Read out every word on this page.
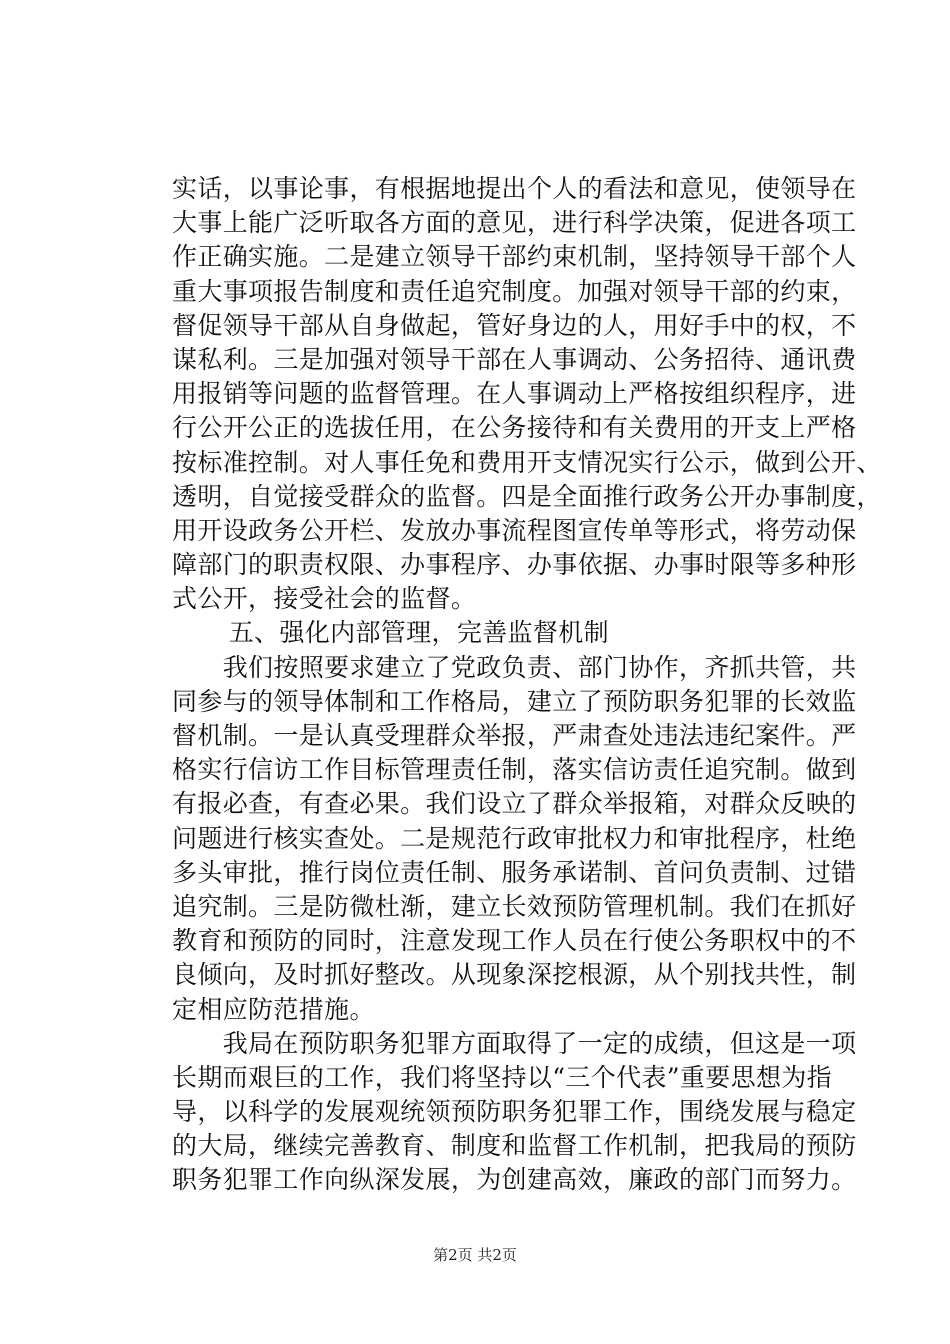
实话，以事论事，有根据地提出个人的看法和意见，使领导在
大事上能广泛听取各方面的意见，进行科学决策，促进各项工
作正确实施。二是建立领导干部约束机制，坚持领导干部个人
重大事项报告制度和责任追究制度。加强对领导干部的约束，
督促领导干部从自身做起，管好身边的人，用好手中的权，不
谋私利。三是加强对领导干部在人事调动、公务招待、通讯费
用报销等问题的监督管理。在人事调动上严格按组织程序，进
行公开公正的选拔任用，在公务接待和有关费用的开支上严格
按标准控制。对人事任免和费用开支情况实行公示，做到公开、
透明，自觉接受群众的监督。四是全面推行政务公开办事制度，
用开设政务公开栏、发放办事流程图宣传单等形式，将劳动保
障部门的职责权限、办事程序、办事依据、办事时限等多种形
式公开，接受社会的监督。
　　五、强化内部管理，完善监督机制
　　我们按照要求建立了党政负责、部门协作，齐抓共管，共
同参与的领导体制和工作格局，建立了预防职务犯罪的长效监
督机制。一是认真受理群众举报，严肃查处违法违纪案件。严
格实行信访工作目标管理责任制，落实信访责任追究制。做到
有报必查，有查必果。我们设立了群众举报箱，对群众反映的
问题进行核实查处。二是规范行政审批权力和审批程序，杜绝
多头审批，推行岗位责任制、服务承诺制、首问负责制、过错
追究制。三是防微杜渐，建立长效预防管理机制。我们在抓好
教育和预防的同时，注意发现工作人员在行使公务职权中的不
良倾向，及时抓好整改。从现象深挖根源，从个别找共性，制
定相应防范措施。
　　我局在预防职务犯罪方面取得了一定的成绩，但这是一项
长期而艰巨的工作，我们将坚持以“三个代表”重要思想为指
导，以科学的发展观统领预防职务犯罪工作，围绕发展与稳定
的大局，继续完善教育、制度和监督工作机制，把我局的预防
职务犯罪工作向纵深发展，为创建高效，廉政的部门而努力。
第2页 共2页
